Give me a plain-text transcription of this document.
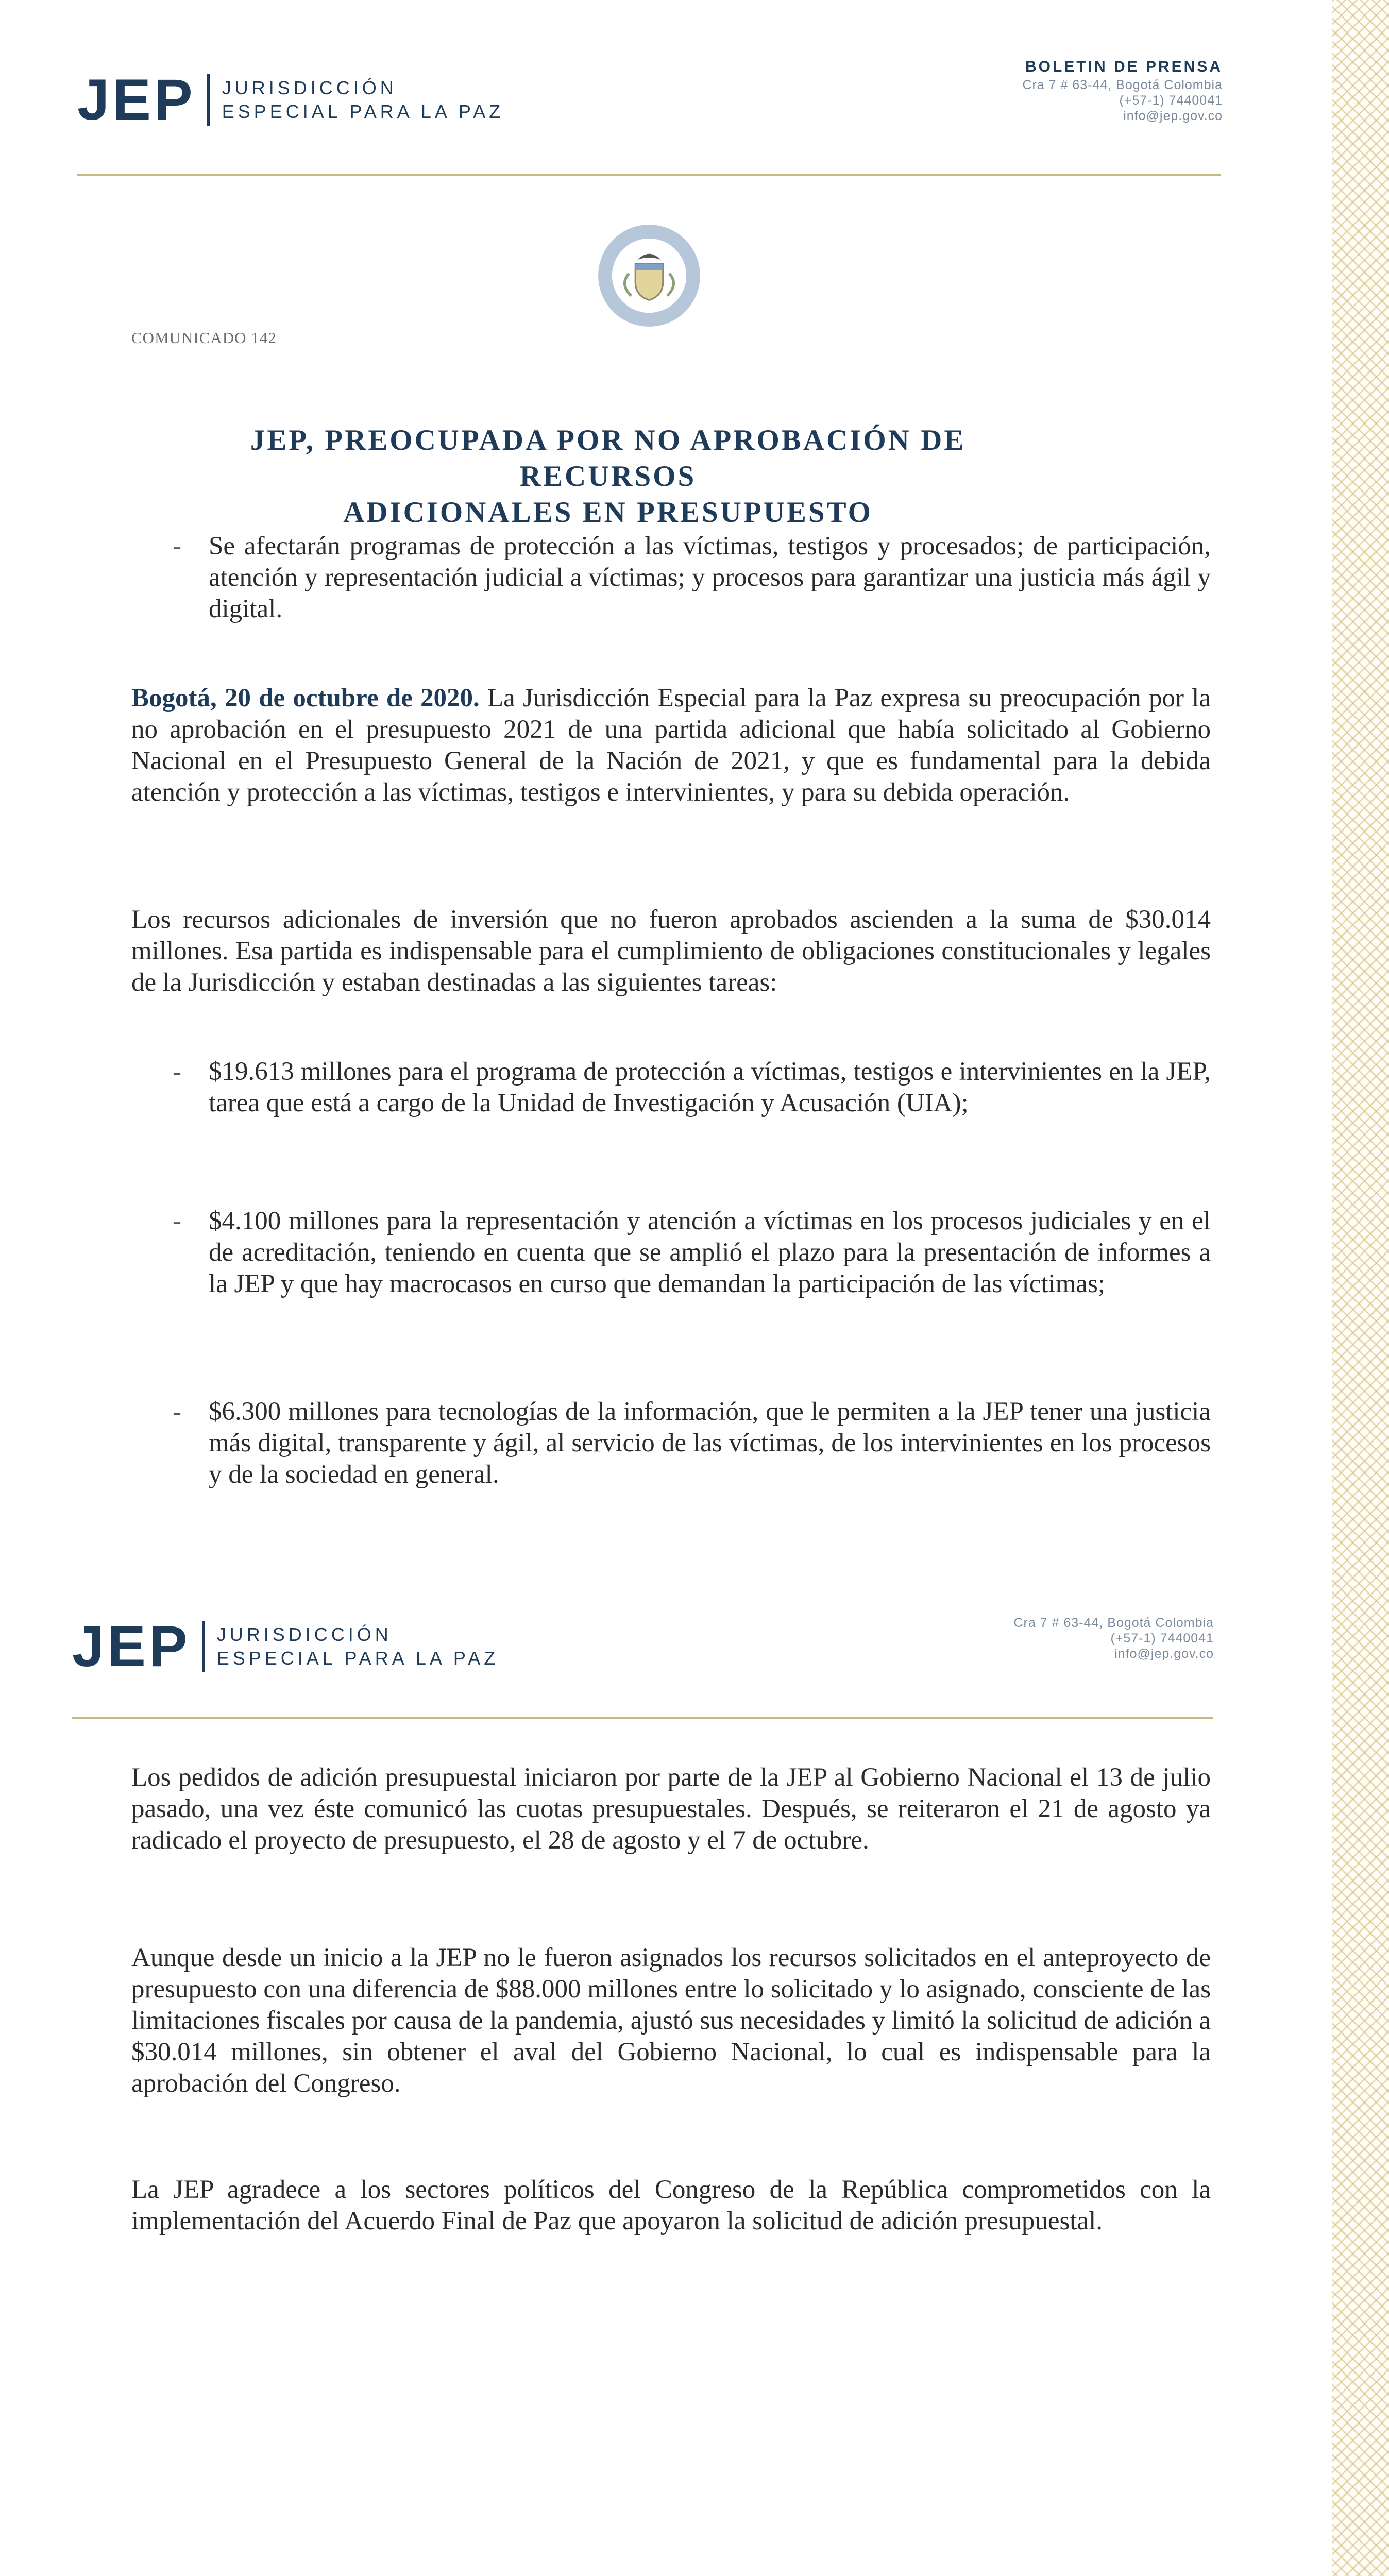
JEP JURISDICCIÓN
ESPECIAL PARA LA PAZ
BOLETIN DE PRENSA
Cra 7 # 63-44, Bogotá Colombia
(+57-1) 7440041
info@jep.gov.co
COMUNICADO 142
JEP, PREOCUPADA POR NO APROBACIÓN DE RECURSOS
ADICIONALES EN PRESUPUESTO
- Se afectarán programas de protección a las víctimas, testigos y procesados; de participación, atención y representación judicial a víctimas; y procesos para garantizar una justicia más ágil y digital.
Bogotá, 20 de octubre de 2020. La Jurisdicción Especial para la Paz expresa su preocupación por la no aprobación en el presupuesto 2021 de una partida adicional que había solicitado al Gobierno Nacional en el Presupuesto General de la Nación de 2021, y que es fundamental para la debida atención y protección a las víctimas, testigos e intervinientes, y para su debida operación.
Los recursos adicionales de inversión que no fueron aprobados ascienden a la suma de $30.014 millones. Esa partida es indispensable para el cumplimiento de obligaciones constitucionales y legales de la Jurisdicción y estaban destinadas a las siguientes tareas:
- $19.613 millones para el programa de protección a víctimas, testigos e intervinientes en la JEP, tarea que está a cargo de la Unidad de Investigación y Acusación (UIA);
- $4.100 millones para la representación y atención a víctimas en los procesos judiciales y en el de acreditación, teniendo en cuenta que se amplió el plazo para la presentación de informes a la JEP y que hay macrocasos en curso que demandan la participación de las víctimas;
- $6.300 millones para tecnologías de la información, que le permiten a la JEP tener una justicia más digital, transparente y ágil, al servicio de las víctimas, de los intervinientes en los procesos y de la sociedad en general.
JEP JURISDICCIÓN
ESPECIAL PARA LA PAZ
Cra 7 # 63-44, Bogotá Colombia
(+57-1) 7440041
info@jep.gov.co
Los pedidos de adición presupuestal iniciaron por parte de la JEP al Gobierno Nacional el 13 de julio pasado, una vez éste comunicó las cuotas presupuestales. Después, se reiteraron el 21 de agosto ya radicado el proyecto de presupuesto, el 28 de agosto y el 7 de octubre.
Aunque desde un inicio a la JEP no le fueron asignados los recursos solicitados en el anteproyecto de presupuesto con una diferencia de $88.000 millones entre lo solicitado y lo asignado, consciente de las limitaciones fiscales por causa de la pandemia, ajustó sus necesidades y limitó la solicitud de adición a $30.014 millones, sin obtener el aval del Gobierno Nacional, lo cual es indispensable para la aprobación del Congreso.
La JEP agradece a los sectores políticos del Congreso de la República comprometidos con la implementación del Acuerdo Final de Paz que apoyaron la solicitud de adición presupuestal.
